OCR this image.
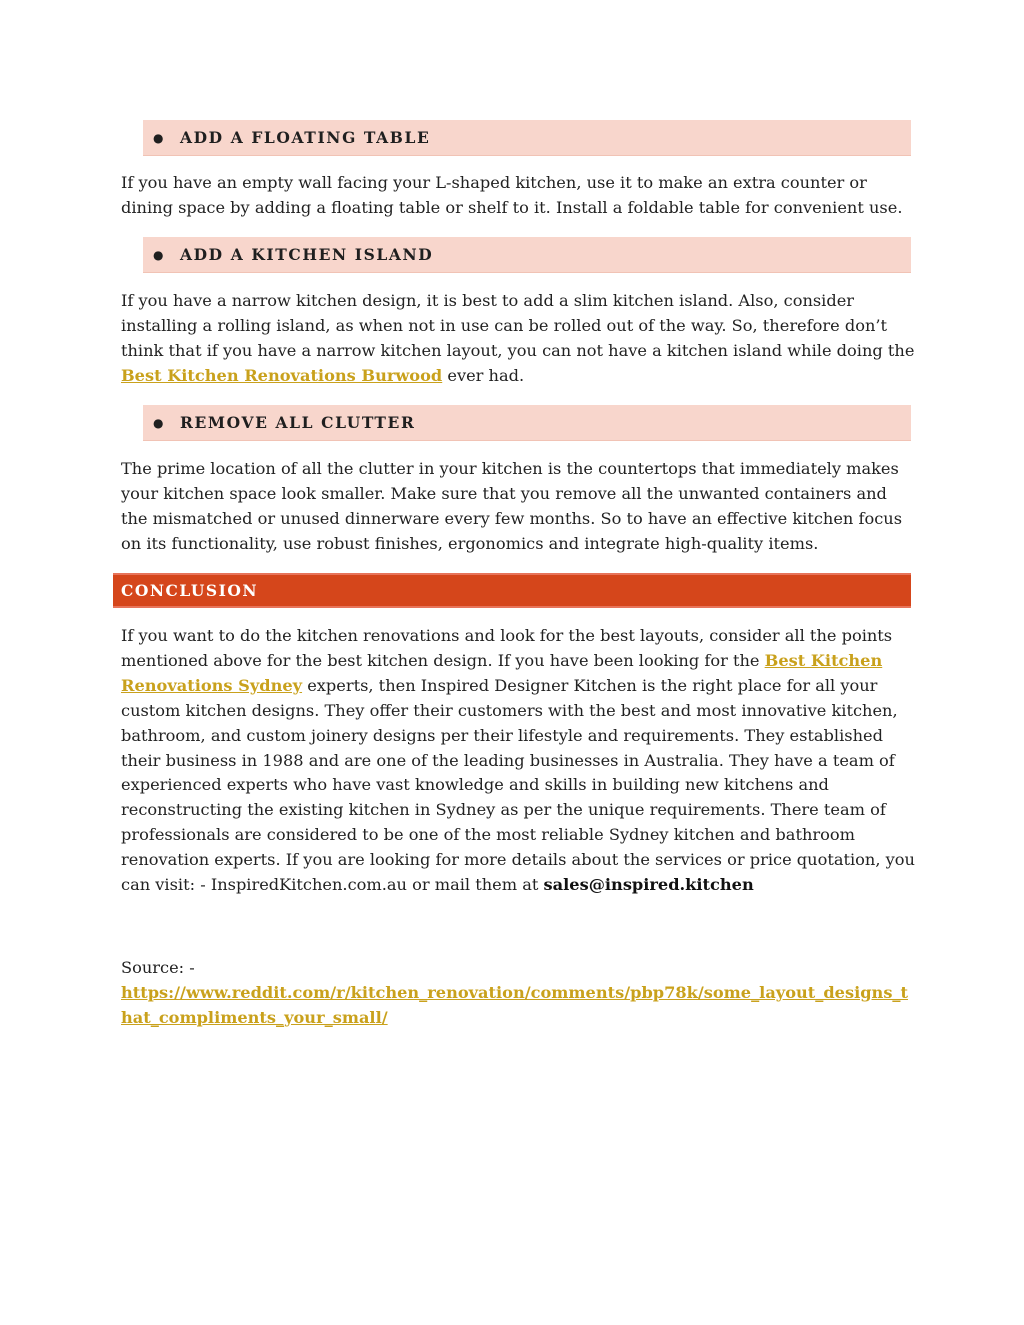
● ADD A FLOATING TABLE

If you have an empty wall facing your L-shaped kitchen, use it to make an extra counter or dining space by adding a floating table or shelf to it. Install a foldable table for convenient use.

● ADD A KITCHEN ISLAND

If you have a narrow kitchen design, it is best to add a slim kitchen island. Also, consider installing a rolling island, as when not in use can be rolled out of the way. So, therefore don’t think that if you have a narrow kitchen layout, you can not have a kitchen island while doing the Best Kitchen Renovations Burwood ever had.

● REMOVE ALL CLUTTER

The prime location of all the clutter in your kitchen is the countertops that immediately makes your kitchen space look smaller. Make sure that you remove all the unwanted containers and the mismatched or unused dinnerware every few months. So to have an effective kitchen focus on its functionality, use robust finishes, ergonomics and integrate high-quality items.

CONCLUSION

If you want to do the kitchen renovations and look for the best layouts, consider all the points mentioned above for the best kitchen design. If you have been looking for the Best Kitchen Renovations Sydney experts, then Inspired Designer Kitchen is the right place for all your custom kitchen designs. They offer their customers with the best and most innovative kitchen, bathroom, and custom joinery designs per their lifestyle and requirements. They established their business in 1988 and are one of the leading businesses in Australia. They have a team of experienced experts who have vast knowledge and skills in building new kitchens and reconstructing the existing kitchen in Sydney as per the unique requirements. There team of professionals are considered to be one of the most reliable Sydney kitchen and bathroom renovation experts. If you are looking for more details about the services or price quotation, you can visit: - InspiredKitchen.com.au or mail them at sales@inspired.kitchen

Source: -
https://www.reddit.com/r/kitchen_renovation/comments/pbp78k/some_layout_designs_that_compliments_your_small/
